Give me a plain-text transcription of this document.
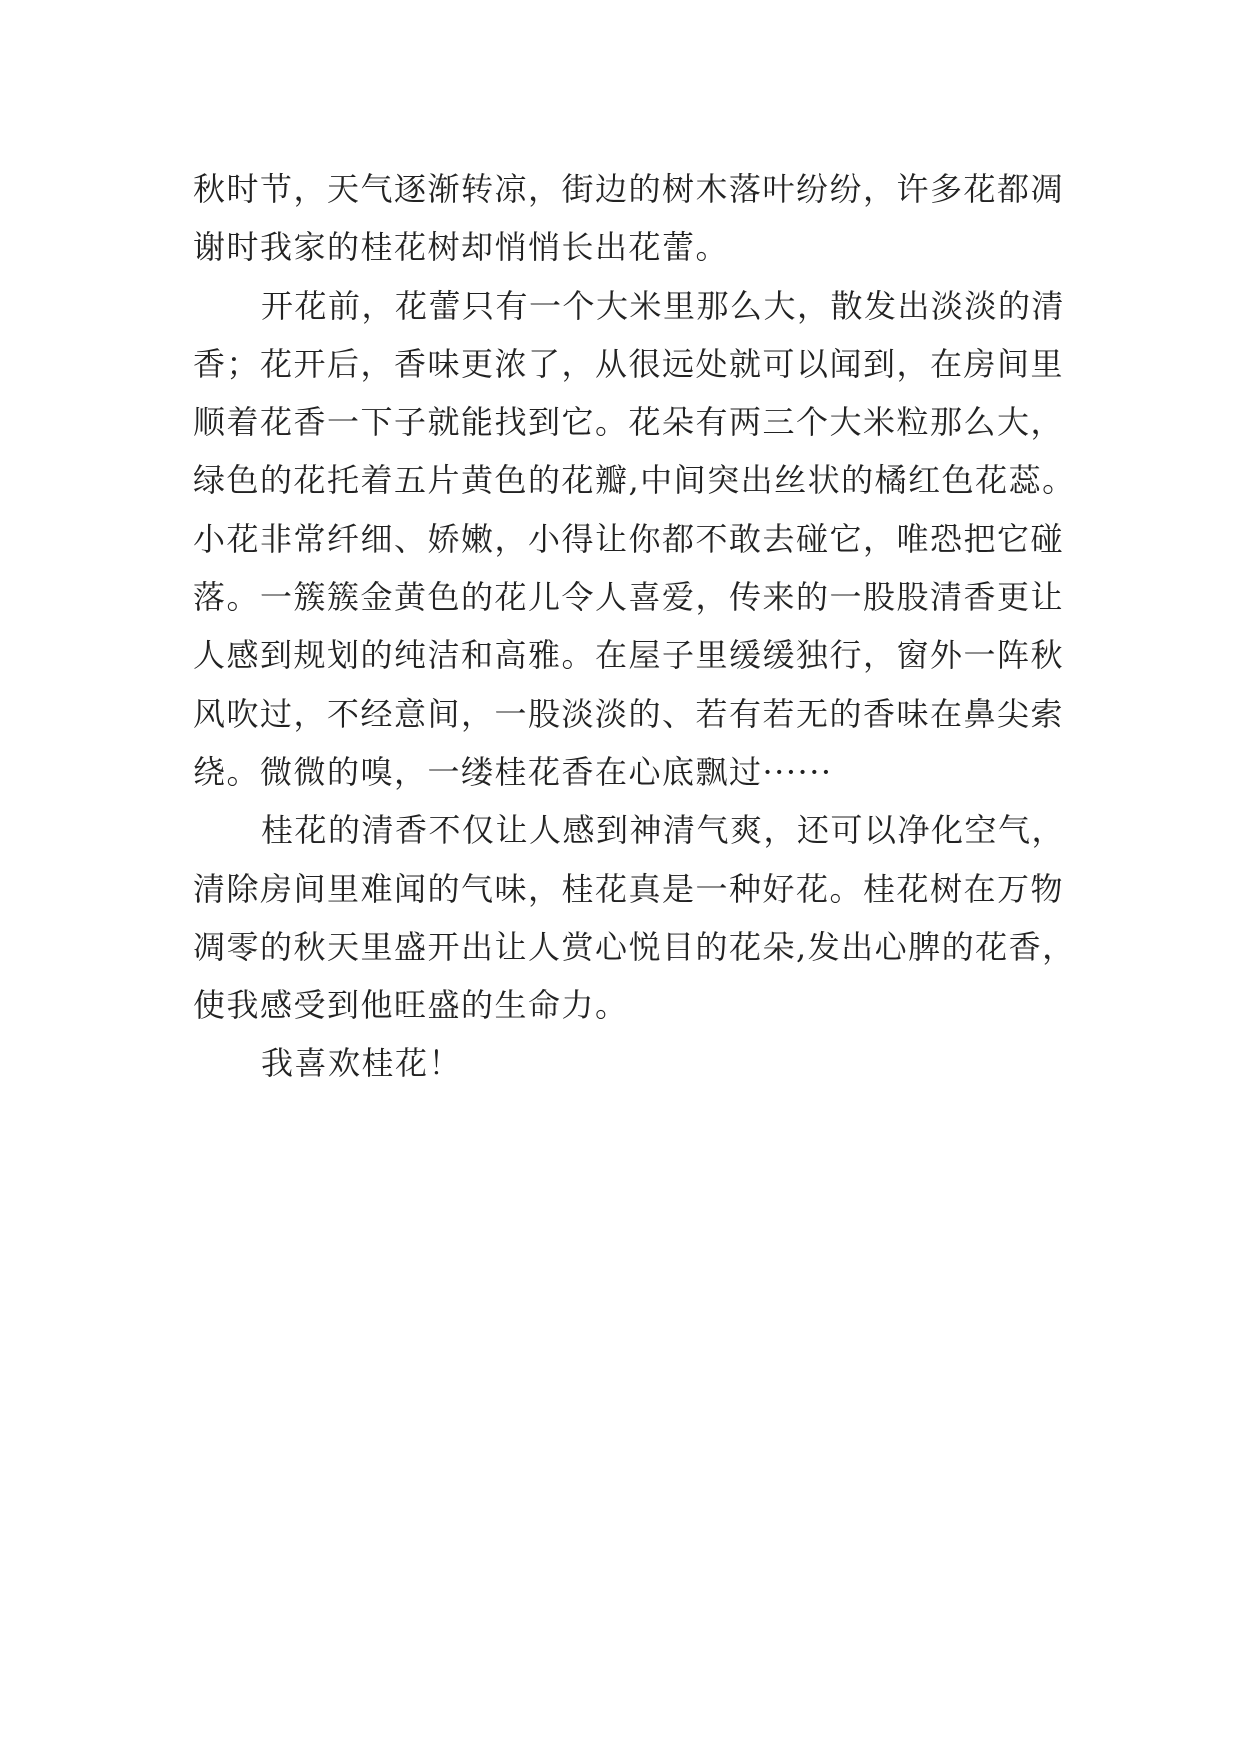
秋时节，天气逐渐转凉，街边的树木落叶纷纷，许多花都凋
谢时我家的桂花树却悄悄长出花蕾。
开花前，花蕾只有一个大米里那么大，散发出淡淡的清
香；花开后，香味更浓了，从很远处就可以闻到，在房间里
顺着花香一下子就能找到它。花朵有两三个大米粒那么大，
绿色的花托着五片黄色的花瓣,中间突出丝状的橘红色花蕊。
小花非常纤细、娇嫩，小得让你都不敢去碰它，唯恐把它碰
落。一簇簇金黄色的花儿令人喜爱，传来的一股股清香更让
人感到规划的纯洁和高雅。在屋子里缓缓独行，窗外一阵秋
风吹过，不经意间，一股淡淡的、若有若无的香味在鼻尖索
绕。微微的嗅，一缕桂花香在心底飘过······
桂花的清香不仅让人感到神清气爽，还可以净化空气，
清除房间里难闻的气味，桂花真是一种好花。桂花树在万物
凋零的秋天里盛开出让人赏心悦目的花朵,发出心脾的花香，
使我感受到他旺盛的生命力。
我喜欢桂花！
